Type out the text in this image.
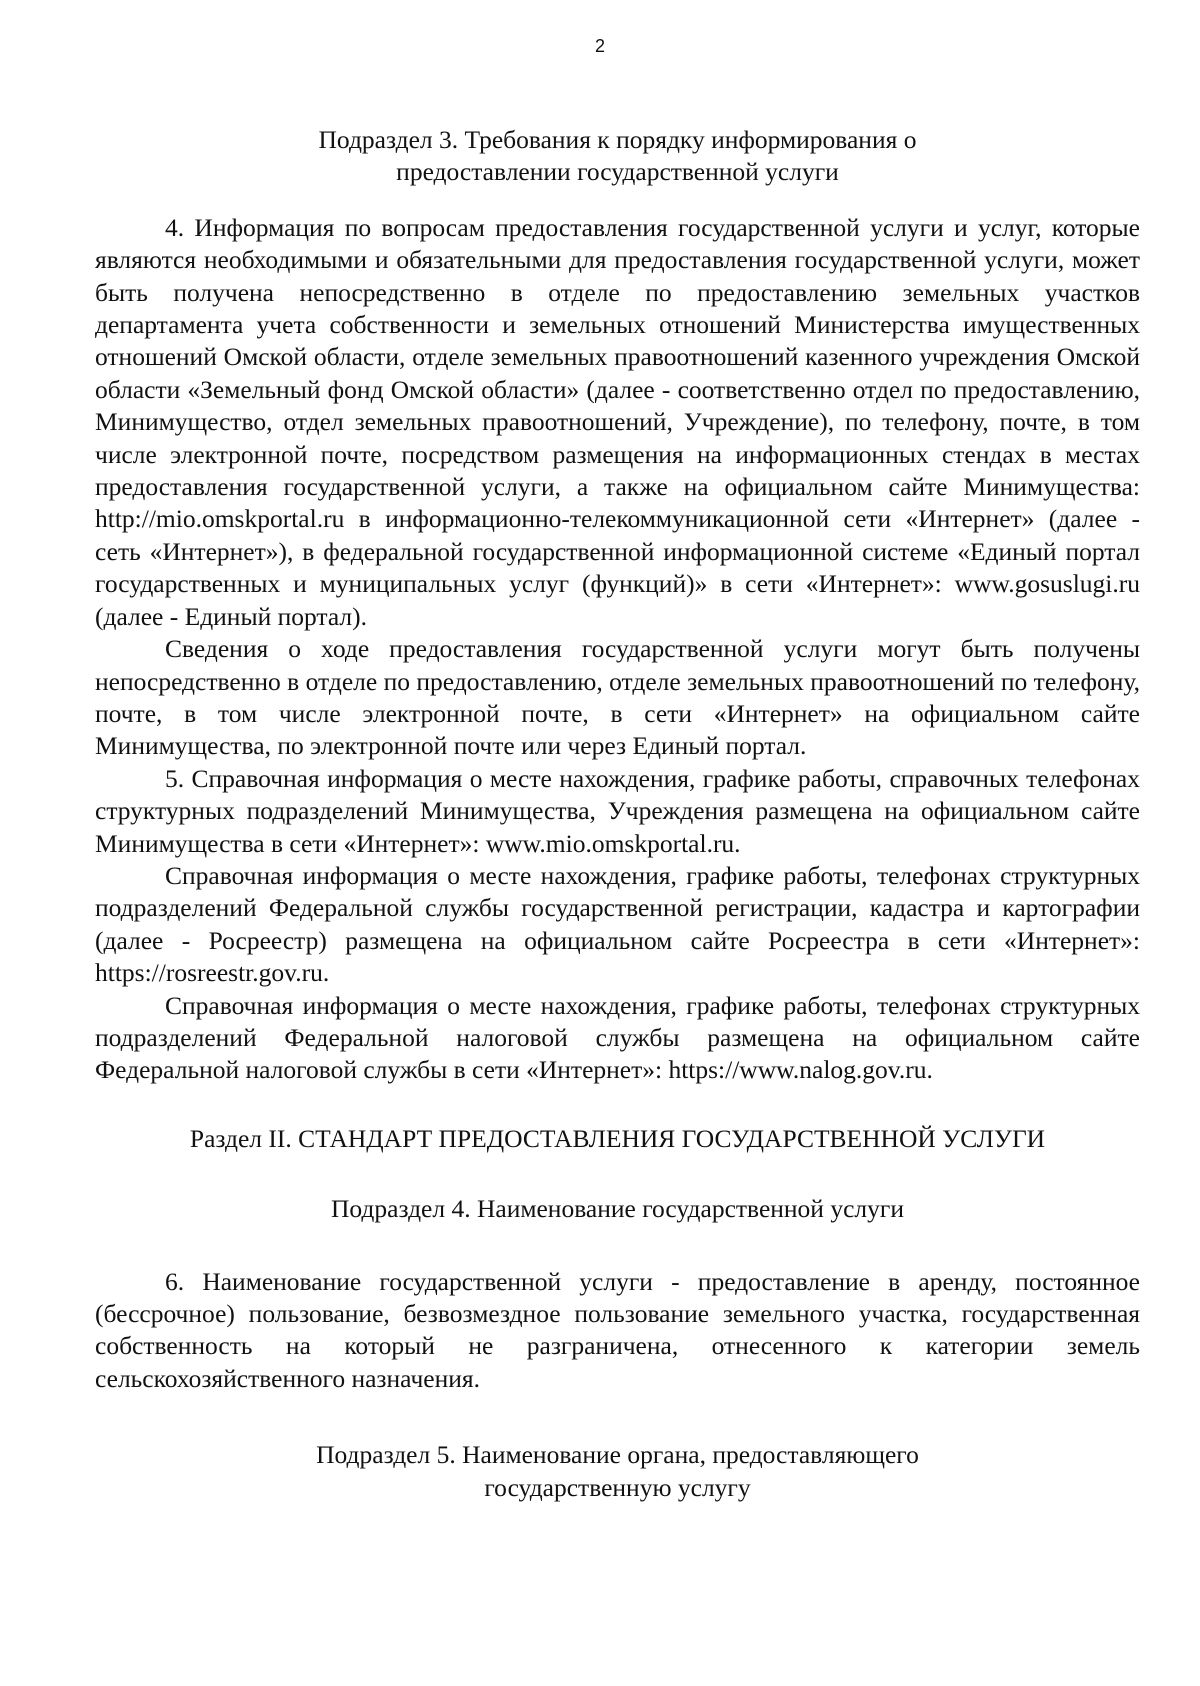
2
Подраздел 3. Требования к порядку информирования о
предоставлении государственной услуги

4. Информация по вопросам предоставления государственной услуги и услуг, которые являются необходимыми и обязательными для предоставления государственной услуги, может быть получена непосредственно в отделе по предоставлению земельных участков департамента учета собственности и земельных отношений Министерства имущественных отношений Омской области, отделе земельных правоотношений казенного учреждения Омской области «Земельный фонд Омской области» (далее - соответственно отдел по предоставлению, Минимущество, отдел земельных правоотношений, Учреждение), по телефону, почте, в том числе электронной почте, посредством размещения на информационных стендах в местах предоставления государственной услуги, а также на официальном сайте Минимущества: http://mio.omskportal.ru в информационно-телекоммуникационной сети «Интернет» (далее - сеть «Интернет»), в федеральной государственной информационной системе «Единый портал государственных и муниципальных услуг (функций)» в сети «Интернет»: www.gosuslugi.ru (далее - Единый портал).

Сведения о ходе предоставления государственной услуги могут быть получены непосредственно в отделе по предоставлению, отделе земельных правоотношений по телефону, почте, в том числе электронной почте, в сети «Интернет» на официальном сайте Минимущества, по электронной почте или через Единый портал.

5. Справочная информация о месте нахождения, графике работы, справочных телефонах структурных подразделений Минимущества, Учреждения размещена на официальном сайте Минимущества в сети «Интернет»: www.mio.omskportal.ru.

Справочная информация о месте нахождения, графике работы, телефонах структурных подразделений Федеральной службы государственной регистрации, кадастра и картографии (далее - Росреестр) размещена на официальном сайте Росреестра в сети «Интернет»: https://rosreestr.gov.ru.

Справочная информация о месте нахождения, графике работы, телефонах структурных подразделений Федеральной налоговой службы размещена на официальном сайте Федеральной налоговой службы в сети «Интернет»: https://www.nalog.gov.ru.

Раздел II. СТАНДАРТ ПРЕДОСТАВЛЕНИЯ ГОСУДАРСТВЕННОЙ УСЛУГИ
Подраздел 4. Наименование государственной услуги

6. Наименование государственной услуги - предоставление в аренду, постоянное (бессрочное) пользование, безвозмездное пользование земельного участка, государственная собственность на который не разграничена, отнесенного к категории земель сельскохозяйственного назначения.

Подраздел 5. Наименование органа, предоставляющего
государственную услугу
